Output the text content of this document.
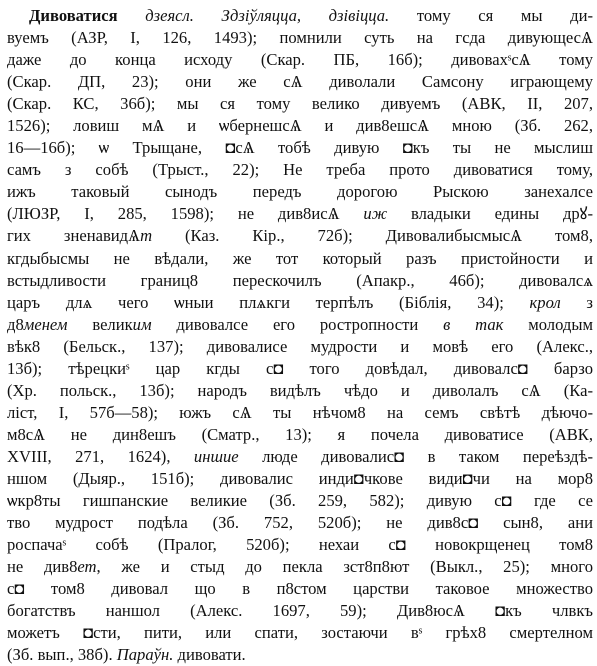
Дивоватися дзеясл. Здзіўляцца, дзівіцца. тому ся мы ди-
вуемъ (АЗР, I, 126, 1493); помнили суть на гсда дивующесѦ
даже до конца исходу (Скар. ПБ, 16б); дивовахˢсѦ тому
(Скар. ДП, 23); они же сѦ диволали Самсону играющему
(Скар. КС, 36б); мы ся тому велико дивуемъ (АВК, II, 207,
1526); ловиш мѦ и ѡбернешсѦ и див8ешсѦ мною (Зб. 262,
16—16б); ѡ Трыщане, ◘сѦ тобѣ дивую ◘къ ты не мыслиш
самъ з собѣ (Трыст., 22); Не треба прото дивоватися тому,
ижъ таковый сынодъ передъ дорогою Рыскою занехалсе
(ЛЮЗР, I, 285, 1598); не див8исѦ иж владыки едины дрꙋ-
гих зненавидѦт (Каз. Кір., 72б); ДивовалибысмысѦ том8,
кгдыбысмы не вѣдали, же тот который разъ пристойности и
встыдливости границ8 перескочилъ (Апакр., 46б); дивовалсѧ
царъ длѧ чего ѡныи плѧкги терпѣлъ (Біблія, 34); крол з
д8менем великим дивовалсе его ростропности в так молодым
вѣк8 (Бельск., 137); дивовалисе мудрости и мовѣ его (Алекс.,
13б); тѣрецкиˢ цар кгды с◘ того довѣдал, дивовалс◘ барзо
(Хр. польск., 13б); народъ видѣлъ чѣдо и диволалъ сѦ (Ка-
ліст, I, 57б—58); южъ сѦ ты нѣчом8 на семъ свѣтѣ дѣючо-
м8сѦ не дин8ешъ (Сматр., 13); я почела дивоватисе (АВК,
XVIII, 271, 1624), иншие люде дивовалис◘ в таком переѣздѣ-
ншом (Дыяр., 151б); дивовалис инди◘чковe види◘чи на мор8
ѡкр8ты гишпанские великие (Зб. 259, 582); дивую с◘ где се
тво мудрост подѣла (Зб. 752, 520б); не див8с◘ сын8, ани
роспачаˢ собѣ (Пралог, 520б); нехаи с◘ новокрщенец том8
не див8ет, же и стыд до пекла зст8п8ют (Выкл., 25); много
с◘ том8 дивовал що в п8стом царстви таковое множество
богатствъ наншол (Алекс. 1697, 59); Див8юсѦ ◘къ члвкъ
можетъ ◘сти, пити, или спати, зостаючи вˢ грѣх8 смертелном
(Зб. вып., 38б). Параўн. дивовати.
